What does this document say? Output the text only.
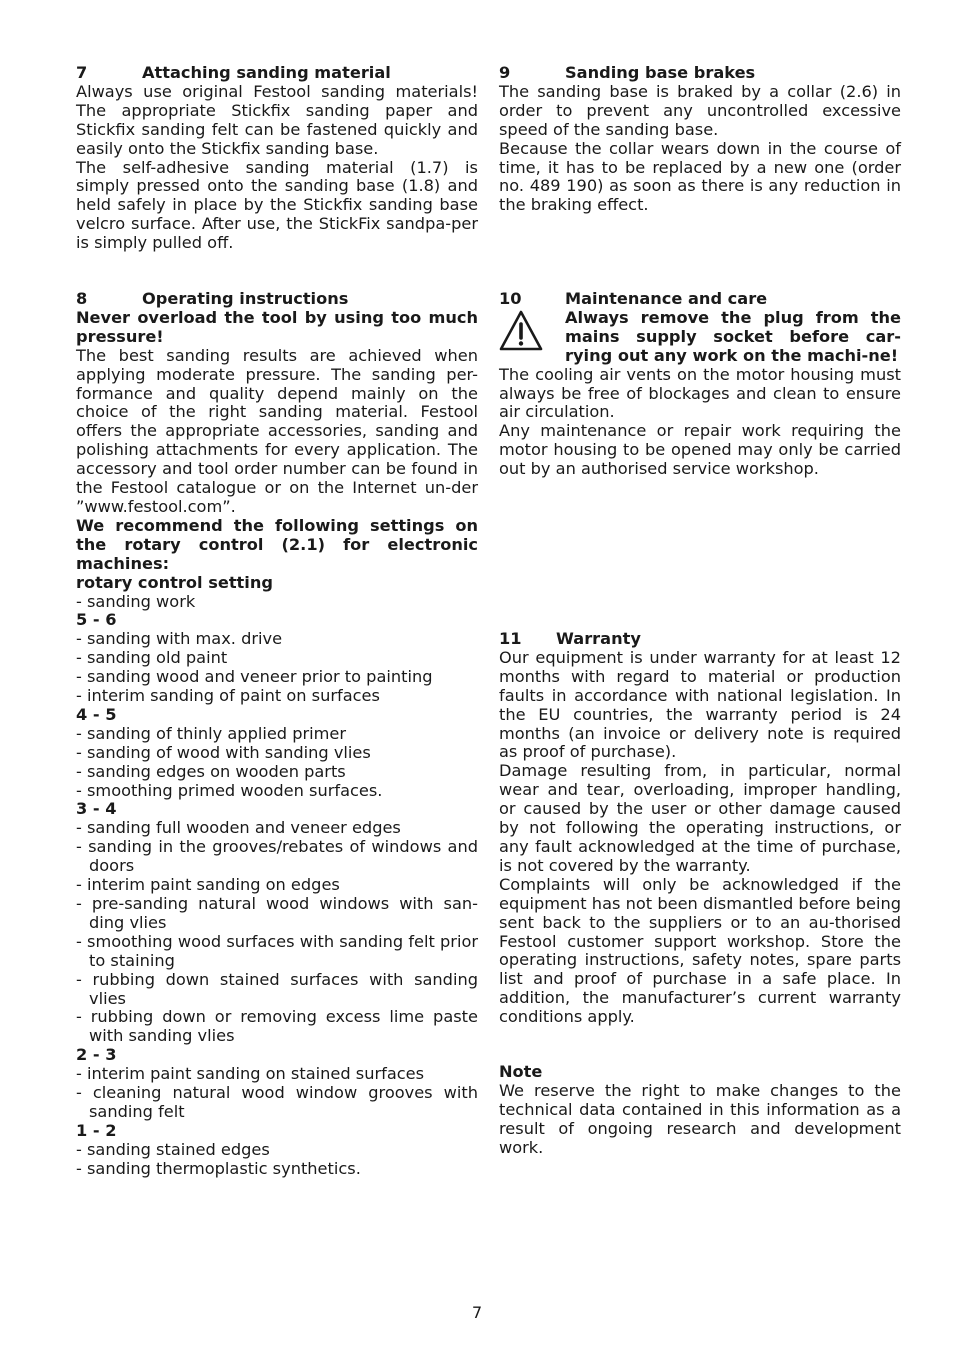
7	Attaching sanding material

Always use original Festool sanding materials! The appropriate Stickfix sanding paper and Stickfix sanding felt can be fastened quickly and easily onto the Stickfix sanding base.

The self-adhesive sanding material (1.7) is simply pressed onto the sanding base (1.8) and held safely in place by the Stickfix sanding base velcro surface. After use, the StickFix sandpa-per is simply pulled off.

8	Operating instructions

Never overload the tool by using too much pressure!

The best sanding results are achieved when applying moderate pressure. The sanding per-formance and quality depend mainly on the choice of the right sanding material. Festool offers the appropriate accessories, sanding and polishing attachments for every application. The accessory and tool order number can be found in the Festool catalogue or on the Internet un-der ”www.festool.com”.

We recommend the following settings on the rotary control (2.1) for electronic machines:

rotary control setting

- sanding work

5 - 6

- sanding with max. drive
- sanding old paint
- sanding wood and veneer prior to painting
- interim sanding of paint on surfaces

4 - 5

- sanding of thinly applied primer
- sanding of wood with sanding vlies
- sanding edges on wooden parts
- smoothing primed wooden surfaces.

3 - 4

- sanding full wooden and veneer edges
- sanding in the grooves/rebates of windows and doors
- interim paint sanding on edges
- pre-sanding natural wood windows with san-ding vlies
- smoothing wood surfaces with sanding felt prior to staining
- rubbing down stained surfaces with sanding vlies
- rubbing down or removing excess lime paste with sanding vlies

2 - 3

- interim paint sanding on stained surfaces
- cleaning natural wood window grooves with sanding felt

1 - 2

- sanding stained edges
- sanding thermoplastic synthetics.
9	Sanding base brakes

The sanding base is braked by a collar (2.6) in order to prevent any uncontrolled excessive speed of the sanding base.

Because the collar wears down in the course of time, it has to be replaced by a new one (order no. 489 190) as soon as there is any reduction in the braking effect.

10	Maintenance and care
Always remove the plug from the mains supply socket before car-rying out any work on the machi-ne!

The cooling air vents on the motor housing must always be free of blockages and clean to ensure air circulation.

Any maintenance or repair work requiring the motor housing to be opened may only be carried out by an authorised service workshop.

11	Warranty

Our equipment is under warranty for at least 12 months with regard to material or production faults in accordance with national legislation. In the EU countries, the warranty period is 24 months (an invoice or delivery note is required as proof of purchase).

Damage resulting from, in particular, normal wear and tear, overloading, improper handling, or caused by the user or other damage caused by not following the operating instructions, or any fault acknowledged at the time of purchase, is not covered by the warranty.

Complaints will only be acknowledged if the equipment has not been dismantled before being sent back to the suppliers or to an au-thorised Festool customer support workshop. Store the operating instructions, safety notes, spare parts list and proof of purchase in a safe place. In addition, the manufacturer’s current warranty conditions apply.

Note

We reserve the right to make changes to the technical data contained in this information as a result of ongoing research and development work.

7
